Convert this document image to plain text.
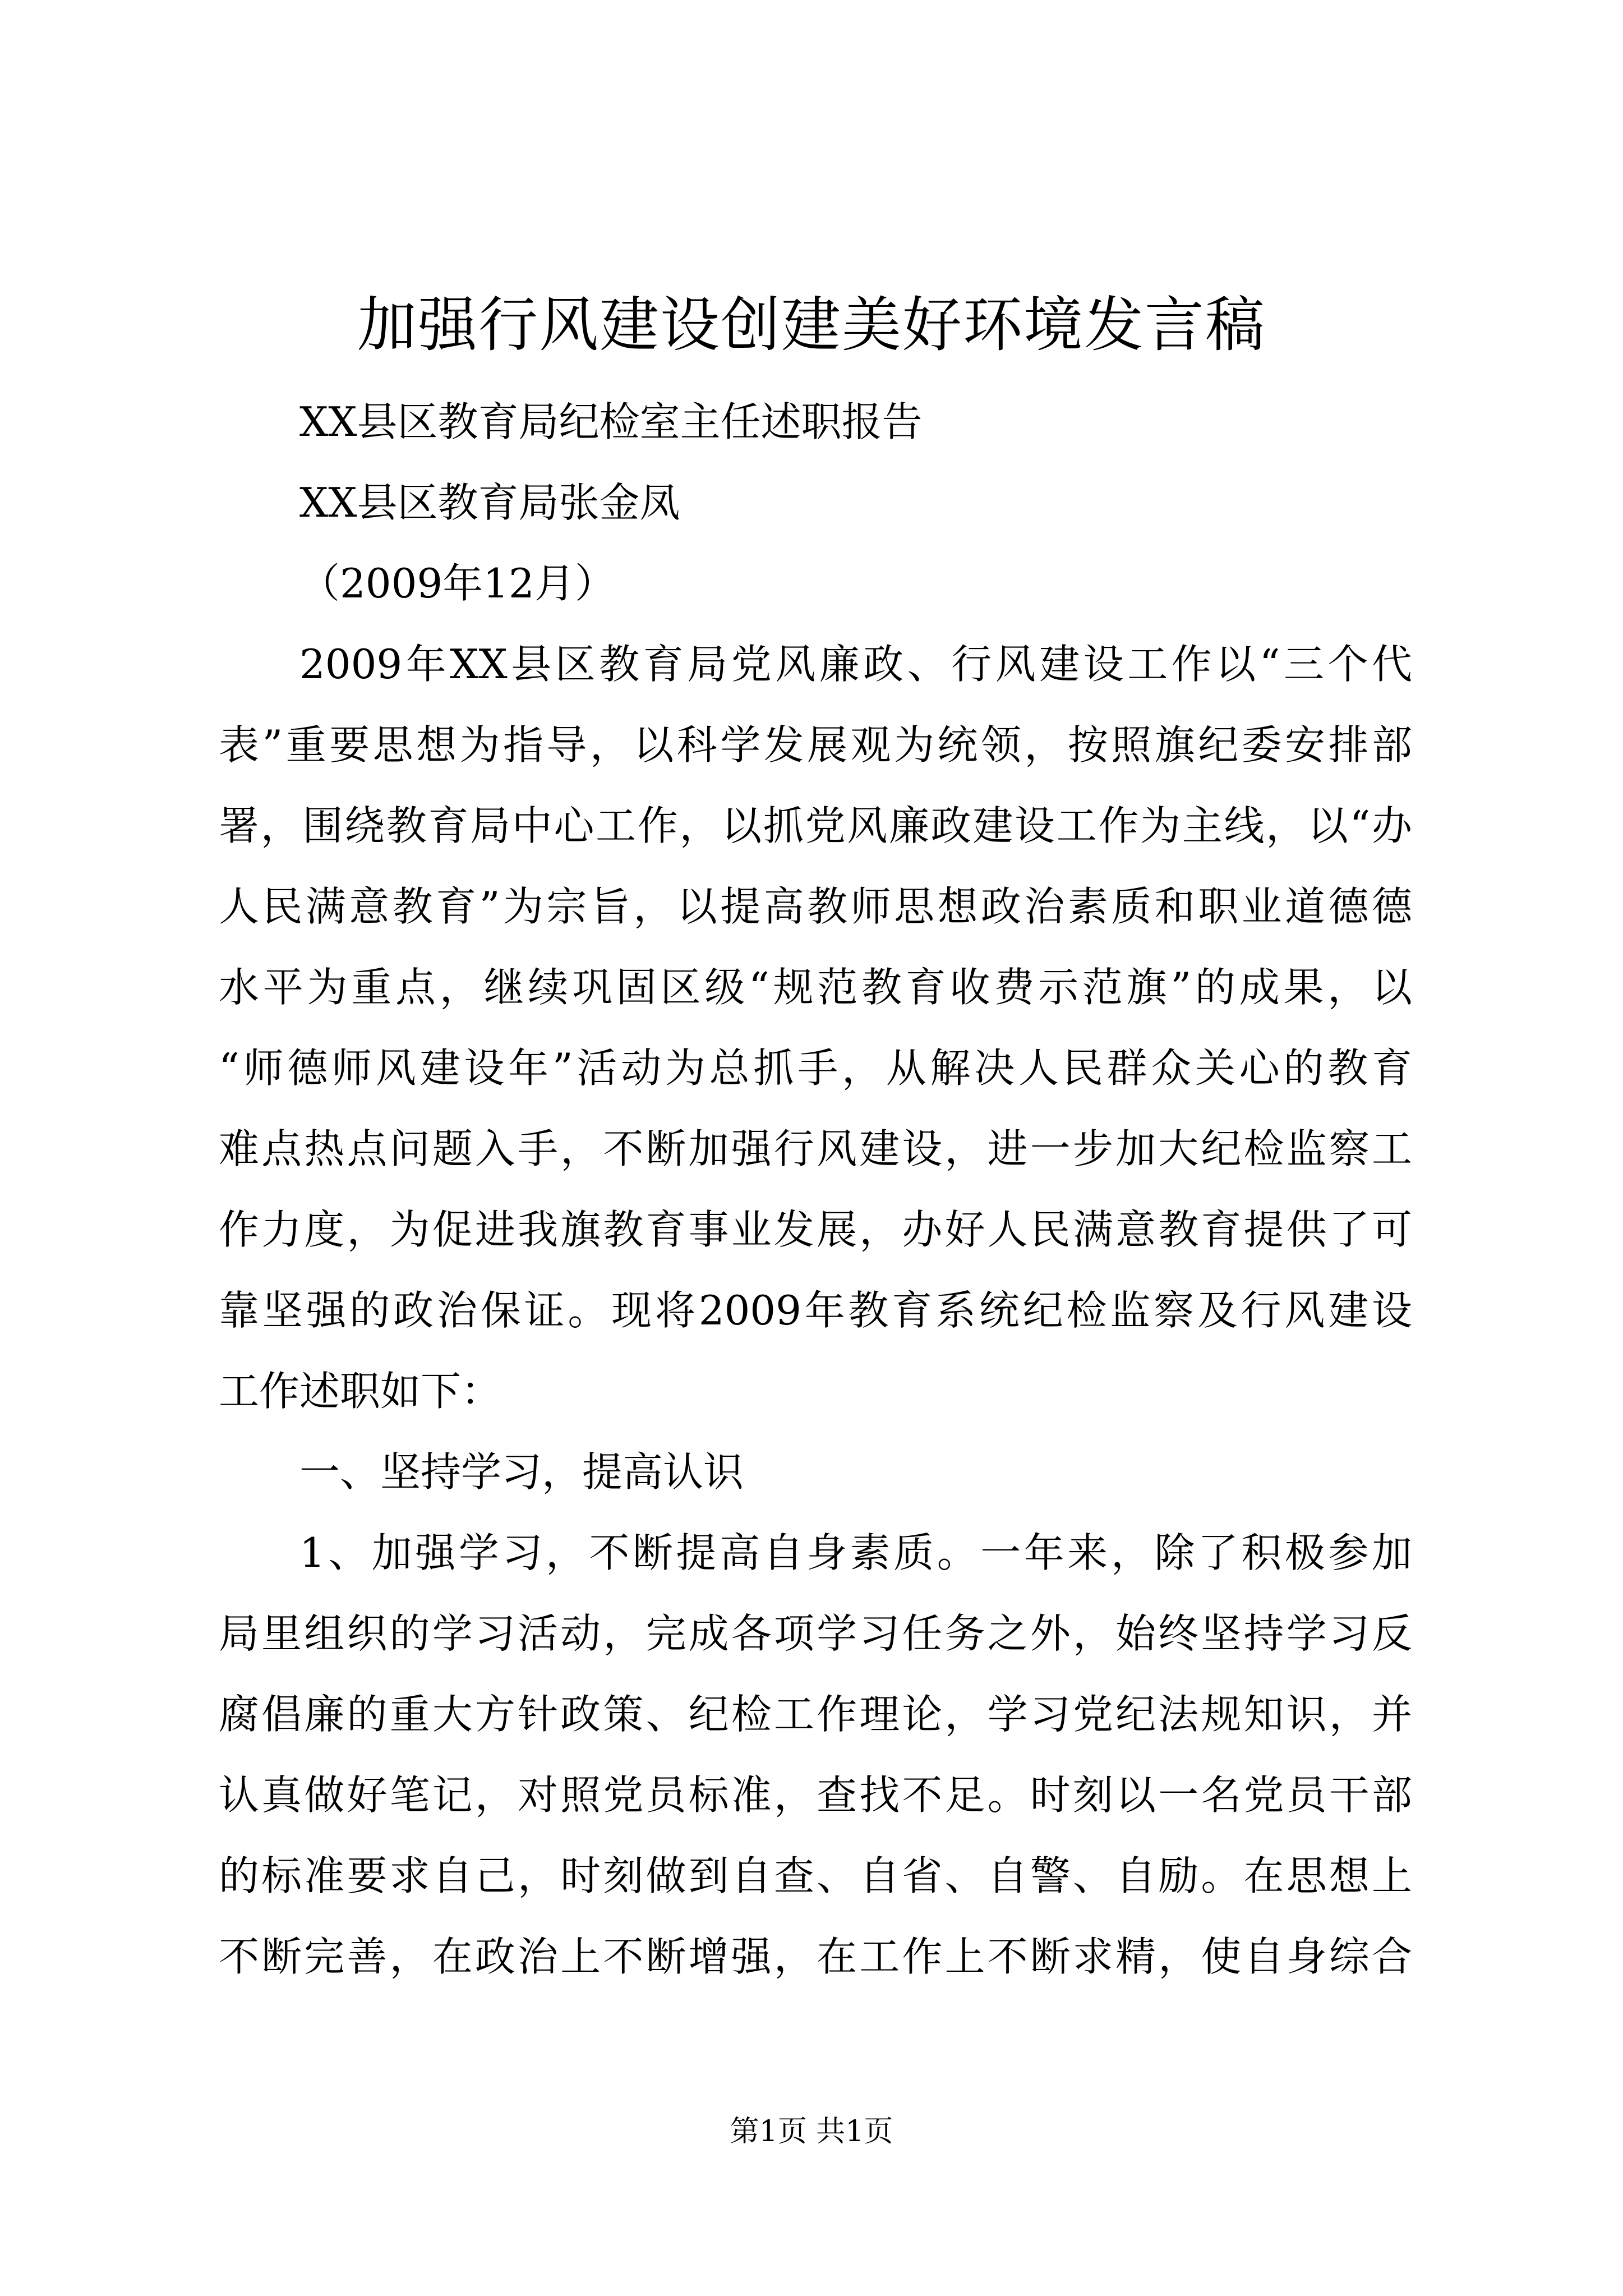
加强行风建设创建美好环境发言稿
XX县区教育局纪检室主任述职报告
XX县区教育局张金凤
（2009年12月）
2009年XX县区教育局党风廉政、行风建设工作以“三个代
表”重要思想为指导，以科学发展观为统领，按照旗纪委安排部
署，围绕教育局中心工作，以抓党风廉政建设工作为主线，以“办
人民满意教育”为宗旨，以提高教师思想政治素质和职业道德德
水平为重点，继续巩固区级“规范教育收费示范旗”的成果，以
“师德师风建设年”活动为总抓手，从解决人民群众关心的教育
难点热点问题入手，不断加强行风建设，进一步加大纪检监察工
作力度，为促进我旗教育事业发展，办好人民满意教育提供了可
靠坚强的政治保证。现将2009年教育系统纪检监察及行风建设
工作述职如下：
一、坚持学习，提高认识
1、加强学习，不断提高自身素质。一年来，除了积极参加
局里组织的学习活动，完成各项学习任务之外，始终坚持学习反
腐倡廉的重大方针政策、纪检工作理论，学习党纪法规知识，并
认真做好笔记，对照党员标准，查找不足。时刻以一名党员干部
的标准要求自己，时刻做到自查、自省、自警、自励。在思想上
不断完善，在政治上不断增强，在工作上不断求精，使自身综合
第1页 共1页
